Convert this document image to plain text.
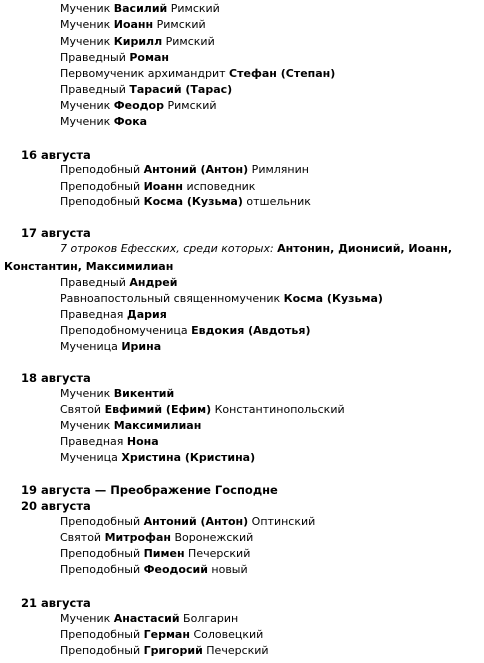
Мученик Василий Римский
Мученик Иоанн Римский
Мученик Кирилл Римский
Праведный Роман
Первомученик архимандрит Стефан (Степан)
Праведный Тарасий (Тарас)
Мученик Феодор Римский
Мученик Фока
16 августа
Преподобный Антоний (Антон) Римлянин
Преподобный Иоанн исповедник
Преподобный Косма (Кузьма) отшельник
17 августа
7 отроков Ефесских, среди которых: Антонин, Дионисий, Иоанн,
Константин, Максимилиан
Праведный Андрей
Равноапостольный священномученик Косма (Кузьма)
Праведная Дария
Преподобномученица Евдокия (Авдотья)
Мученица Ирина
18 августа
Мученик Викентий
Святой Евфимий (Ефим) Константинопольский
Мученик Максимилиан
Праведная Нона
Мученица Христина (Кристина)
19 августа — Преображение Господне
20 августа
Преподобный Антоний (Антон) Оптинский
Святой Митрофан Воронежский
Преподобный Пимен Печерский
Преподобный Феодосий новый
21 августа
Мученик Анастасий Болгарин
Преподобный Герман Соловецкий
Преподобный Григорий Печерский
